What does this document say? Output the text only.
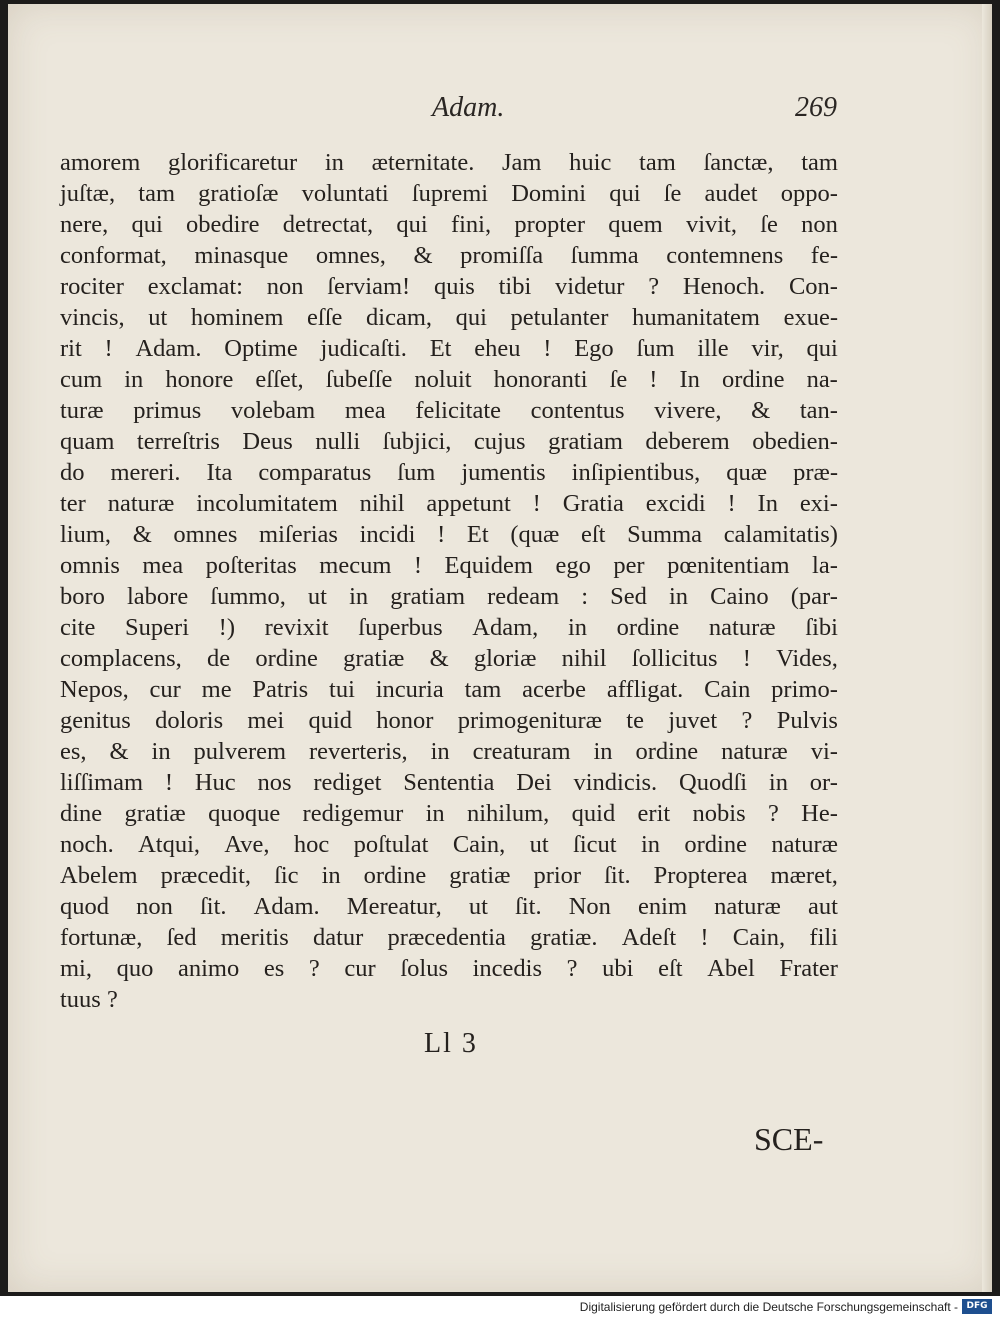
Adam.	269
amorem glorificaretur in æternitate. Jam huic tam ſanctæ, tam
juſtæ, tam gratioſæ voluntati ſupremi Domini qui ſe audet oppo-
nere, qui obedire detrectat, qui fini, propter quem vivit, ſe non
conformat, minasque omnes, & promiſſa ſumma contemnens fe-
rociter exclamat: non ſerviam! quis tibi videtur ? Henoch. Con-
vincis, ut hominem eſſe dicam, qui petulanter humanitatem exue-
rit ! Adam. Optime judicaſti. Et eheu ! Ego ſum ille vir, qui
cum in honore eſſet, ſubeſſe noluit honoranti ſe ! In ordine na-
turæ primus volebam mea felicitate contentus vivere, & tan-
quam terreſtris Deus nulli ſubjici, cujus gratiam deberem obedien-
do mereri. Ita comparatus ſum jumentis inſipientibus, quæ præ-
ter naturæ incolumitatem nihil appetunt ! Gratia excidi ! In exi-
lium, & omnes miſerias incidi ! Et (quæ eſt Summa calamitatis)
omnis mea poſteritas mecum ! Equidem ego per pœnitentiam la-
boro labore ſummo, ut in gratiam redeam : Sed in Caino (par-
cite Superi !) revixit ſuperbus Adam, in ordine naturæ ſibi
complacens, de ordine gratiæ & gloriæ nihil ſollicitus ! Vides,
Nepos, cur me Patris tui incuria tam acerbe affligat. Cain primo-
genitus doloris mei quid honor primogenituræ te juvet ? Pulvis
es, & in pulverem reverteris, in creaturam in ordine naturæ vi-
liſſimam ! Huc nos rediget Sententia Dei vindicis. Quodſi in or-
dine gratiæ quoque redigemur in nihilum, quid erit nobis ? He-
noch. Atqui, Ave, hoc poſtulat Cain, ut ſicut in ordine naturæ
Abelem præcedit, ſic in ordine gratiæ prior ſit. Propterea mæret,
quod non ſit. Adam. Mereatur, ut ſit. Non enim naturæ aut
fortunæ, ſed meritis datur præcedentia gratiæ. Adeſt ! Cain, fili
mi, quo animo es ? cur ſolus incedis ? ubi eſt Abel Frater
tuus ?
Ll 3
SCE-
Digitalisierung gefördert durch die Deutsche Forschungsgemeinschaft - DFG
